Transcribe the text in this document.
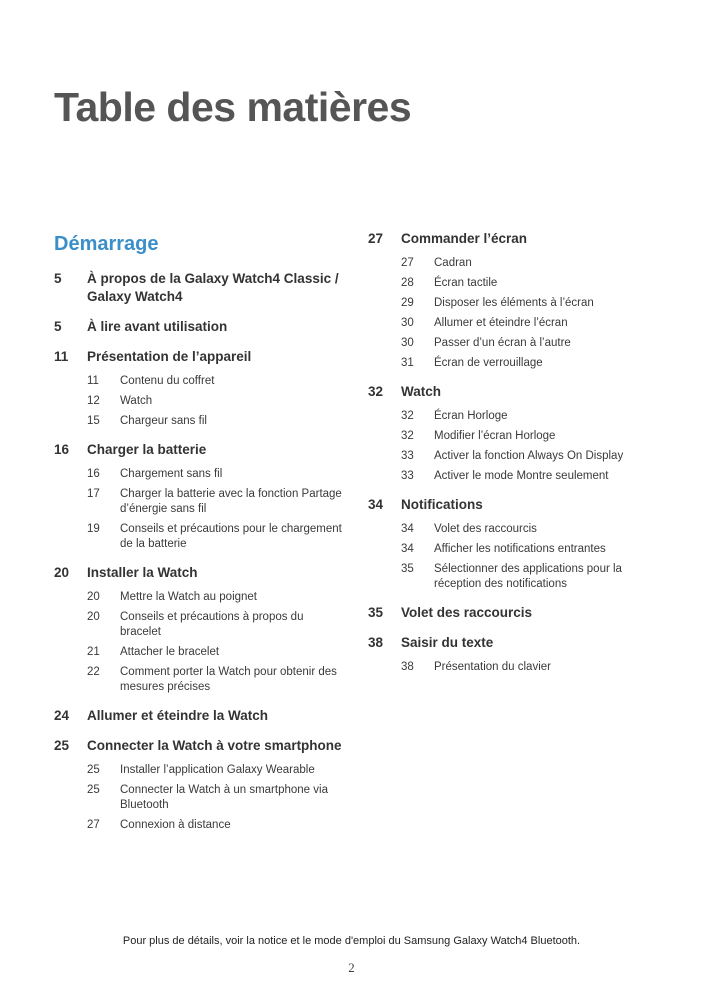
Table des matières
Démarrage
5	À propos de la Galaxy Watch4 Classic / Galaxy Watch4
5	À lire avant utilisation
11	Présentation de l’appareil
11	Contenu du coffret
12	Watch
15	Chargeur sans fil
16	Charger la batterie
16	Chargement sans fil
17	Charger la batterie avec la fonction Partage d’énergie sans fil
19	Conseils et précautions pour le chargement de la batterie
20	Installer la Watch
20	Mettre la Watch au poignet
20	Conseils et précautions à propos du bracelet
21	Attacher le bracelet
22	Comment porter la Watch pour obtenir des mesures précises
24	Allumer et éteindre la Watch
25	Connecter la Watch à votre smartphone
25	Installer l’application Galaxy Wearable
25	Connecter la Watch à un smartphone via Bluetooth
27	Connexion à distance
27	Commander l’écran
27	Cadran
28	Écran tactile
29	Disposer les éléments à l’écran
30	Allumer et éteindre l’écran
30	Passer d’un écran à l’autre
31	Écran de verrouillage
32	Watch
32	Écran Horloge
32	Modifier l’écran Horloge
33	Activer la fonction Always On Display
33	Activer le mode Montre seulement
34	Notifications
34	Volet des raccourcis
34	Afficher les notifications entrantes
35	Sélectionner des applications pour la réception des notifications
35	Volet des raccourcis
38	Saisir du texte
38	Présentation du clavier
Pour plus de détails, voir la notice et le mode d'emploi du Samsung Galaxy Watch4 Bluetooth.
2
